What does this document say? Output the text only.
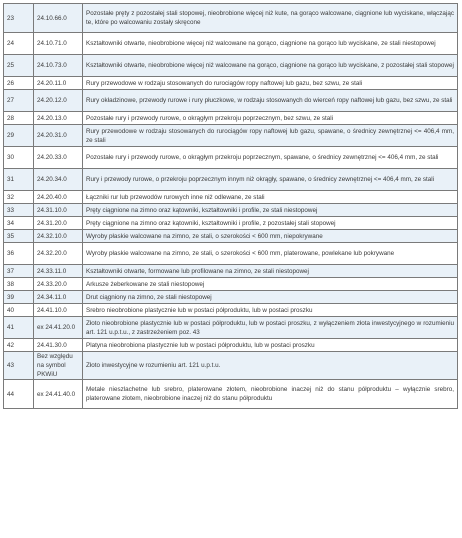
23	24.10.66.0	Pozostałe pręty z pozostałej stali stopowej, nieobrobione więcej niż kute, na gorąco walcowane, ciągnione lub wyciskane, włączając te, które po walcowaniu zostały skręcone
24	24.10.71.0	Kształtowniki otwarte, nieobrobione więcej niż walcowane na gorąco, ciągnione na gorąco lub wyciskane, ze stali niestopowej
25	24.10.73.0	Kształtowniki otwarte, nieobrobione więcej niż walcowane na gorąco, ciągnione na gorąco lub wyciskane, z pozostałej stali stopowej
26	24.20.11.0	Rury przewodowe w rodzaju stosowanych do rurociągów ropy naftowej lub gazu, bez szwu, ze stali
27	24.20.12.0	Rury okładzinowe, przewody rurowe i rury płuczkowe, w rodzaju stosowanych do wierceń ropy naftowej lub gazu, bez szwu, ze stali
28	24.20.13.0	Pozostałe rury i przewody rurowe, o okrągłym przekroju poprzecznym, bez szwu, ze stali
29	24.20.31.0	Rury przewodowe w rodzaju stosowanych do rurociągów ropy naftowej lub gazu, spawane, o średnicy zewnętrznej <= 406,4 mm, ze stali
30	24.20.33.0	Pozostałe rury i przewody rurowe, o okrągłym przekroju poprzecznym, spawane, o średnicy zewnętrznej <= 406,4 mm, ze stali
31	24.20.34.0	Rury i przewody rurowe, o przekroju poprzecznym innym niż okrągły, spawane, o średnicy zewnętrznej <= 406,4 mm, ze stali
32	24.20.40.0	Łączniki rur lub przewodów rurowych inne niż odlewane, ze stali
33	24.31.10.0	Pręty ciągnione na zimno oraz kątowniki, kształtowniki i profile, ze stali niestopowej
34	24.31.20.0	Pręty ciągnione na zimno oraz kątowniki, kształtowniki i profile, z pozostałej stali stopowej
35	24.32.10.0	Wyroby płaskie walcowane na zimno, ze stali, o szerokości < 600 mm, niepokrywane
36	24.32.20.0	Wyroby płaskie walcowane na zimno, ze stali, o szerokości < 600 mm, platerowane, powlekane lub pokrywane
37	24.33.11.0	Kształtowniki otwarte, formowane lub profilowane na zimno, ze stali niestopowej
38	24.33.20.0	Arkusze żeberkowane ze stali niestopowej
39	24.34.11.0	Drut ciągniony na zimno, ze stali niestopowej
40	24.41.10.0	Srebro nieobrobione plastycznie lub w postaci półproduktu, lub w postaci proszku
41	ex 24.41.20.0	Złoto nieobrobione plastycznie lub w postaci półproduktu, lub w postaci proszku, z wyłączeniem złota inwestycyjnego w rozumieniu art. 121 u.p.t.u., z zastrzeżeniem poz. 43
42	24.41.30.0	Platyna nieobrobiona plastycznie lub w postaci półproduktu, lub w postaci proszku
43	Bez względu na symbol PKWiU	Złoto inwestycyjne w rozumieniu art. 121 u.p.t.u.
44	ex 24.41.40.0	Metale nieszlachetne lub srebro, platerowane złotem, nieobrobione inaczej niż do stanu półproduktu – wyłącznie srebro, platerowane złotem, nieobrobione inaczej niż do stanu półproduktu
